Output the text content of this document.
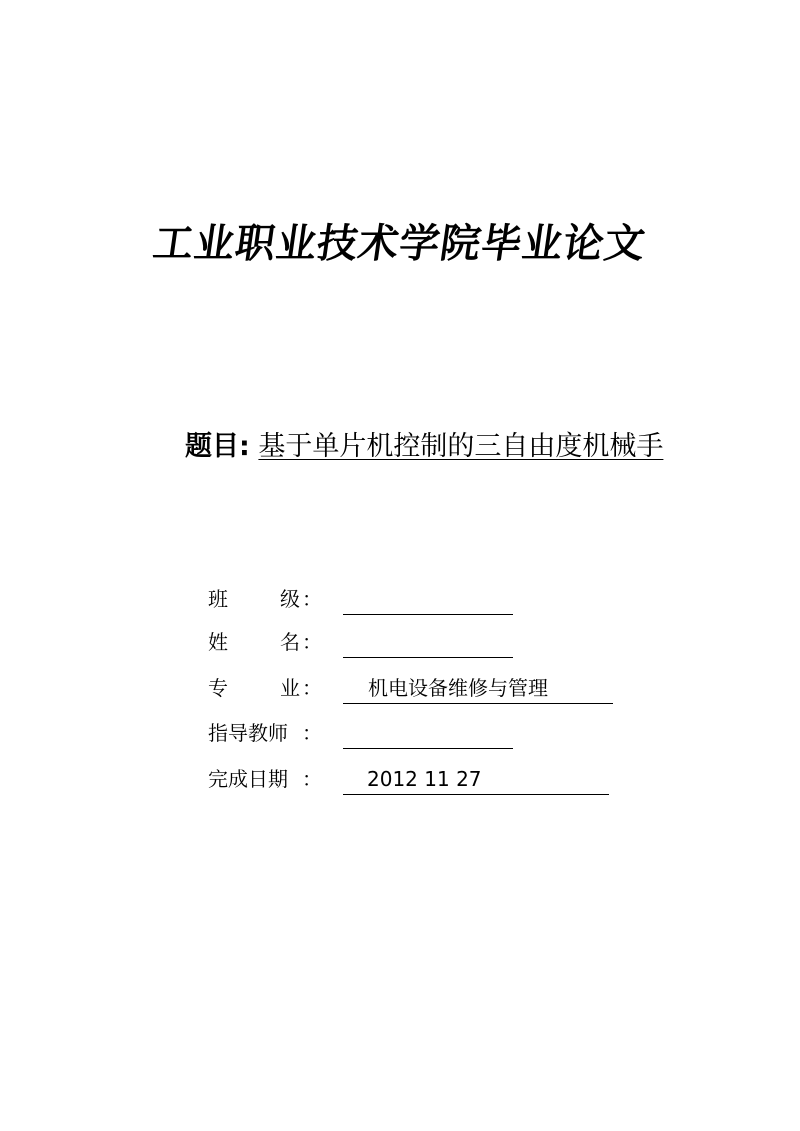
工业职业技术学院毕业论文
题目: 基于单片机控制的三自由度机械手
班	级 ：
姓	名 ：
专	业 ： 机电设备维修与管理
指导教师 ：
完成日期 ： 2012 11 27
